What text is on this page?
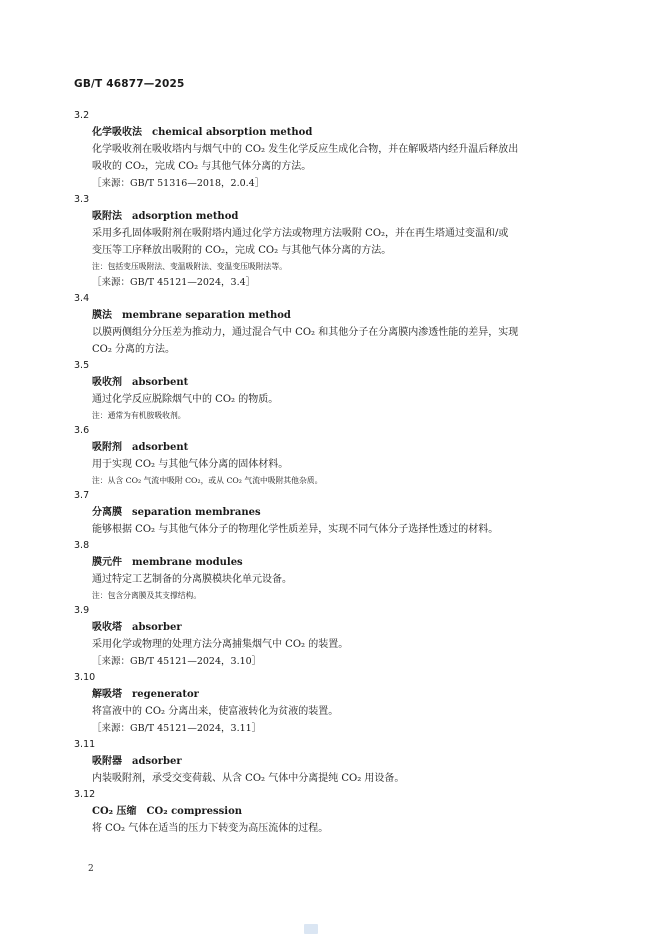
GB/T 46877—2025
3.2
化学吸收法 chemical absorption method
化学吸收剂在吸收塔内与烟气中的 CO₂ 发生化学反应生成化合物，并在解吸塔内经升温后释放出
吸收的 CO₂，完成 CO₂ 与其他气体分离的方法。
［来源：GB/T 51316—2018，2.0.4］
3.3
吸附法 adsorption method
采用多孔固体吸附剂在吸附塔内通过化学方法或物理方法吸附 CO₂，并在再生塔通过变温和/或
变压等工序释放出吸附的 CO₂，完成 CO₂ 与其他气体分离的方法。
注：包括变压吸附法、变温吸附法、变温变压吸附法等。
［来源：GB/T 45121—2024，3.4］
3.4
膜法 membrane separation method
以膜两侧组分分压差为推动力，通过混合气中 CO₂ 和其他分子在分离膜内渗透性能的差异，实现
CO₂ 分离的方法。
3.5
吸收剂 absorbent
通过化学反应脱除烟气中的 CO₂ 的物质。
注：通常为有机胺吸收剂。
3.6
吸附剂 adsorbent
用于实现 CO₂ 与其他气体分离的固体材料。
注：从含 CO₂ 气流中吸附 CO₂，或从 CO₂ 气流中吸附其他杂质。
3.7
分离膜 separation membranes
能够根据 CO₂ 与其他气体分子的物理化学性质差异，实现不同气体分子选择性透过的材料。
3.8
膜元件 membrane modules
通过特定工艺制备的分离膜模块化单元设备。
注：包含分离膜及其支撑结构。
3.9
吸收塔 absorber
采用化学或物理的处理方法分离捕集烟气中 CO₂ 的装置。
［来源：GB/T 45121—2024，3.10］
3.10
解吸塔 regenerator
将富液中的 CO₂ 分离出来，使富液转化为贫液的装置。
［来源：GB/T 45121—2024，3.11］
3.11
吸附器 adsorber
内装吸附剂，承受交变荷载、从含 CO₂ 气体中分离提纯 CO₂ 用设备。
3.12
CO₂ 压缩 CO₂ compression
将 CO₂ 气体在适当的压力下转变为高压流体的过程。
2
